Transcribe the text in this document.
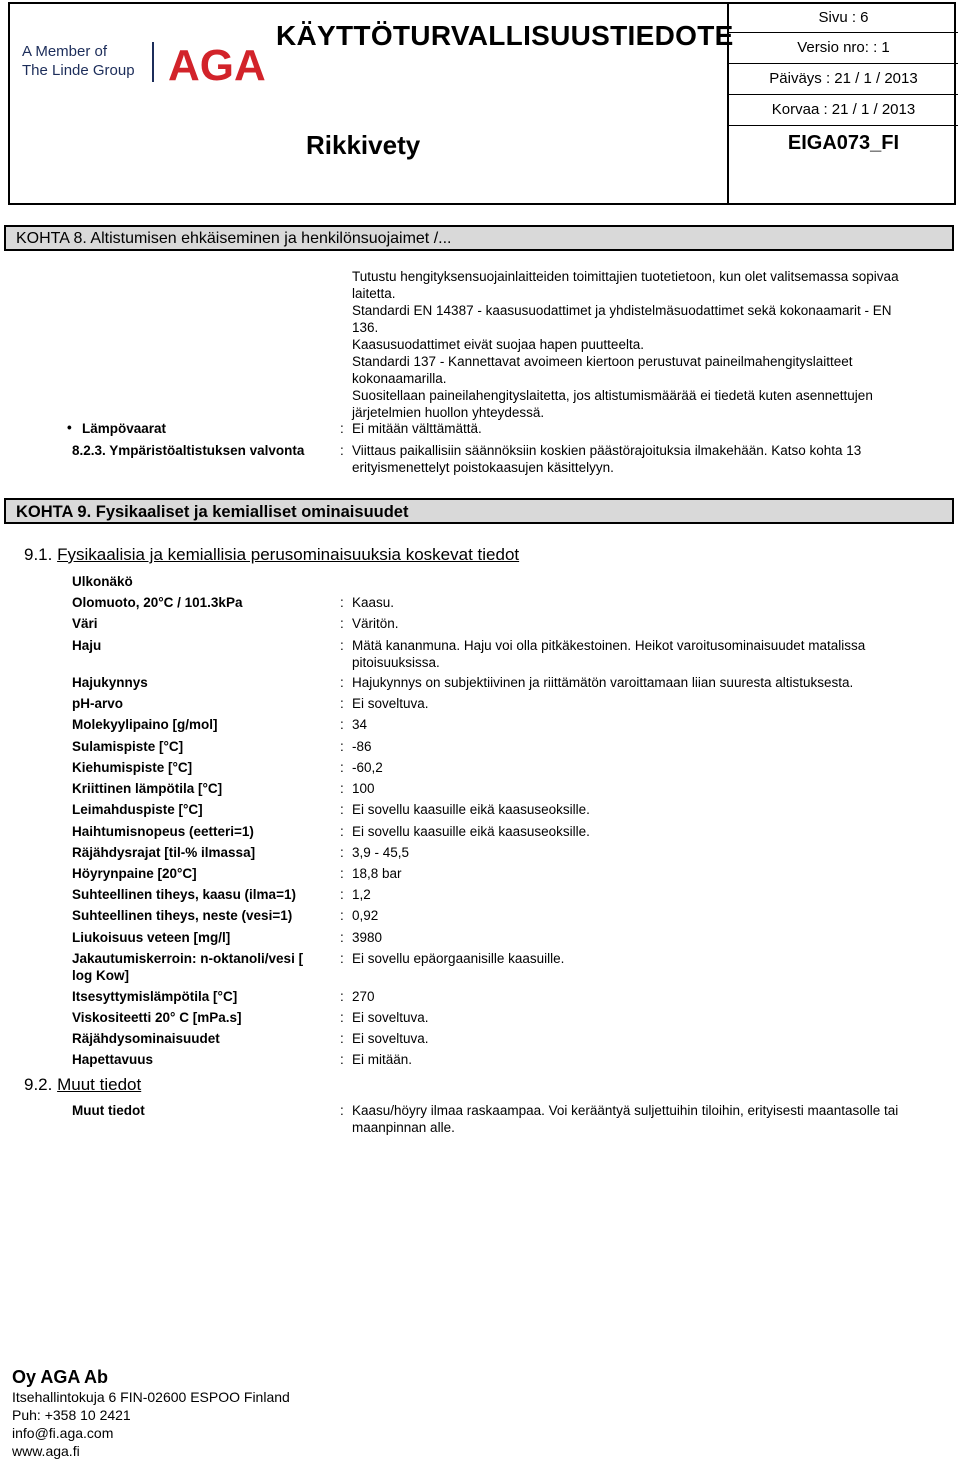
A Member of
The Linde Group AGA
KÄYTTÖTURVALLISUUSTIEDOTE
Rikkivety
Sivu : 6
Versio nro: : 1
Päiväys : 21 / 1 / 2013
Korvaa : 21 / 1 / 2013
EIGA073_FI
KOHTA 8. Altistumisen ehkäiseminen ja henkilönsuojaimet /...
Tutustu hengityksensuojainlaitteiden toimittajien tuotetietoon, kun olet valitsemassa sopivaa
laitetta.
Standardi EN 14387 - kaasusuodattimet ja yhdistelmäsuodattimet sekä kokonaamarit - EN
136.
Kaasusuodattimet eivät suojaa hapen puutteelta.
Standardi 137 - Kannettavat avoimeen kiertoon perustuvat paineilmahengityslaitteet
kokonaamarilla.
Suositellaan paineilahengityslaitetta, jos altistumismäärää ei tiedetä kuten asennettujen
järjetelmien huollon yhteydessä.
• Lämpövaarat	: Ei mitään välttämättä.
8.2.3. Ympäristöaltistuksen valvonta	: Viittaus paikallisiin säännöksiin koskien päästörajoituksia ilmakehään. Katso kohta 13
erityismenettelyt poistokaasujen käsittelyyn.
KOHTA 9. Fysikaaliset ja kemialliset ominaisuudet
9.1. Fysikaalisia ja kemiallisia perusominaisuuksia koskevat tiedot
Ulkonäkö
Olomuoto, 20°C / 101.3kPa	: Kaasu.
Väri	: Väritön.
Haju	: Mätä kananmuna. Haju voi olla pitkäkestoinen. Heikot varoitusominaisuudet matalissa
pitoisuuksissa.
Hajukynnys	: Hajukynnys on subjektiivinen ja riittämätön varoittamaan liian suuresta altistuksesta.
pH-arvo	: Ei soveltuva.
Molekyylipaino [g/mol]	: 34
Sulamispiste [°C]	: -86
Kiehumispiste [°C]	: -60,2
Kriittinen lämpötila [°C]	: 100
Leimahduspiste [°C]	: Ei sovellu kaasuille eikä kaasuseoksille.
Haihtumisnopeus (eetteri=1)	: Ei sovellu kaasuille eikä kaasuseoksille.
Räjähdysrajat [til-% ilmassa]	: 3,9 - 45,5
Höyrynpaine [20°C]	: 18,8 bar
Suhteellinen tiheys, kaasu (ilma=1)	: 1,2
Suhteellinen tiheys, neste (vesi=1)	: 0,92
Liukoisuus veteen [mg/l]	: 3980
Jakautumiskerroin: n-oktanoli/vesi [
log Kow]
: Ei sovellu epäorgaanisille kaasuille.
Itsesyttymislämpötila [°C]	: 270
Viskositeetti 20° C [mPa.s]	: Ei soveltuva.
Räjähdysominaisuudet	: Ei soveltuva.
Hapettavuus	: Ei mitään.
9.2. Muut tiedot
Muut tiedot	: Kaasu/höyry ilmaa raskaampaa. Voi kerääntyä suljettuihin tiloihin, erityisesti maantasolle tai
maanpinnan alle.
Oy AGA Ab
Itsehallintokuja 6 FIN-02600 ESPOO Finland
Puh: +358 10 2421
info@fi.aga.com
www.aga.fi
